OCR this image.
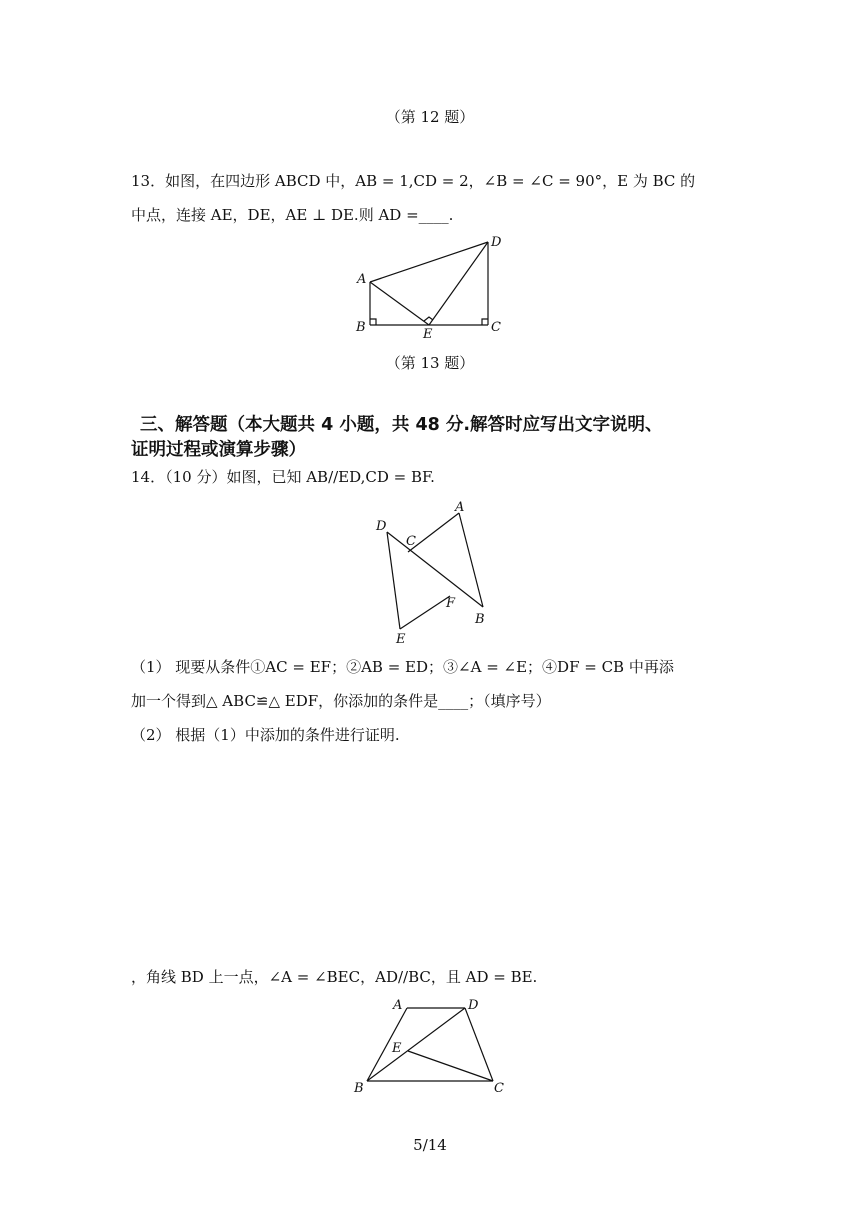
（第 12 题）
13．如图，在四边形 ABCD 中，AB = 1,CD = 2，∠B = ∠C = 90°，E 为 BC 的
中点，连接 AE，DE，AE ⊥ DE.则 AD =____.
A
B	C
D
E
（第 13 题）
三、解答题（本大题共 4 小题，共 48 分.解答时应写出文字说明、
证明过程或演算步骤）
14．（10 分）如图，已知 AB//ED,CD = BF.
D
A
C
F
B
E
（1） 现要从条件①AC = EF；②AB = ED；③∠A = ∠E；④DF = CB 中再添
加一个得到△ ABC≌△ EDF，你添加的条件是____；（填序号）
（2） 根据（1）中添加的条件进行证明.
，角线 BD 上一点，∠A = ∠BEC，AD//BC，且 AD = BE.
A	D
E
B	C
5/14
